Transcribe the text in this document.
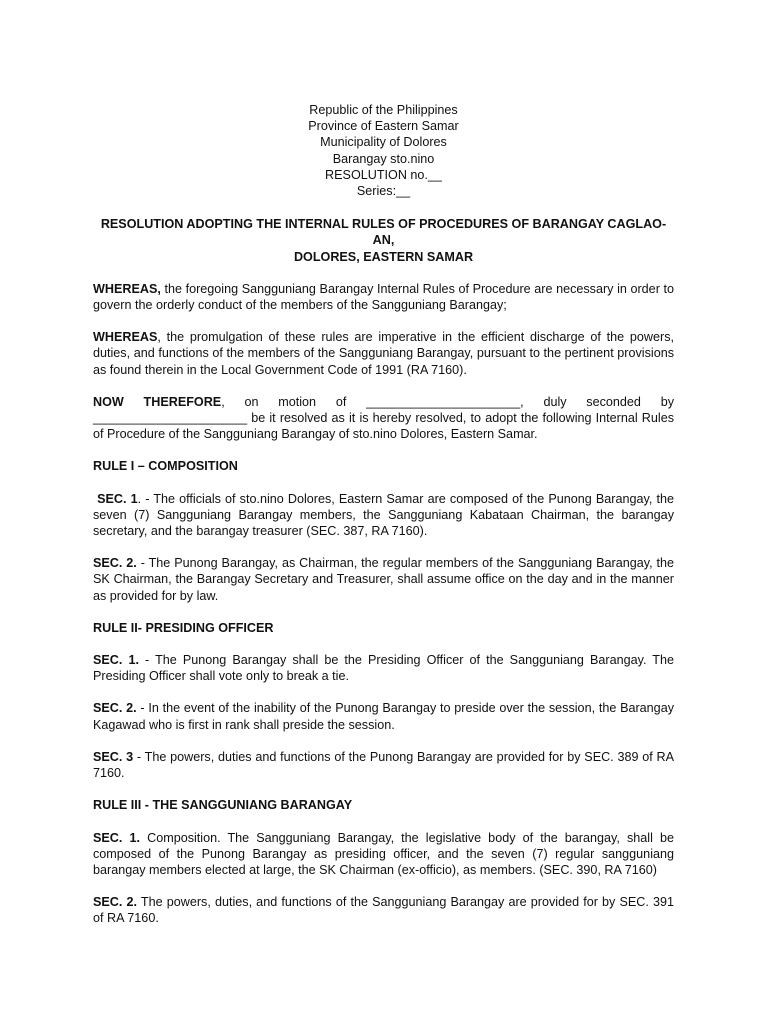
Republic of the Philippines
Province of Eastern Samar
Municipality of Dolores
Barangay sto.nino
RESOLUTION no.__
Series:__
RESOLUTION ADOPTING THE INTERNAL RULES OF PROCEDURES OF BARANGAY CAGLAO-AN,
DOLORES, EASTERN SAMAR

WHEREAS, the foregoing Sangguniang Barangay Internal Rules of Procedure are necessary in order to govern the orderly conduct of the members of the Sangguniang Barangay;

WHEREAS, the promulgation of these rules are imperative in the efficient discharge of the powers, duties, and functions of the members of the Sangguniang Barangay, pursuant to the pertinent provisions as found therein in the Local Government Code of 1991 (RA 7160).

NOW THEREFORE, on motion of ______________________, duly seconded by ______________________ be it resolved as it is hereby resolved, to adopt the following Internal Rules of Procedure of the Sangguniang Barangay of sto.nino Dolores, Eastern Samar.

RULE I – COMPOSITION

SEC. 1. - The officials of sto.nino Dolores, Eastern Samar are composed of the Punong Barangay, the seven (7) Sangguniang Barangay members, the Sangguniang Kabataan Chairman, the barangay secretary, and the barangay treasurer (SEC. 387, RA 7160).

SEC. 2. - The Punong Barangay, as Chairman, the regular members of the Sangguniang Barangay, the SK Chairman, the Barangay Secretary and Treasurer, shall assume office on the day and in the manner as provided for by law.

RULE II- PRESIDING OFFICER

SEC. 1. - The Punong Barangay shall be the Presiding Officer of the Sangguniang Barangay. The Presiding Officer shall vote only to break a tie.

SEC. 2. - In the event of the inability of the Punong Barangay to preside over the session, the Barangay Kagawad who is first in rank shall preside the session.

SEC. 3 - The powers, duties and functions of the Punong Barangay are provided for by SEC. 389 of RA 7160.

RULE III - THE SANGGUNIANG BARANGAY

SEC. 1. Composition. The Sangguniang Barangay, the legislative body of the barangay, shall be composed of the Punong Barangay as presiding officer, and the seven (7) regular sangguniang barangay members elected at large, the SK Chairman (ex-officio), as members. (SEC. 390, RA 7160)

SEC. 2. The powers, duties, and functions of the Sangguniang Barangay are provided for by SEC. 391 of RA 7160.
